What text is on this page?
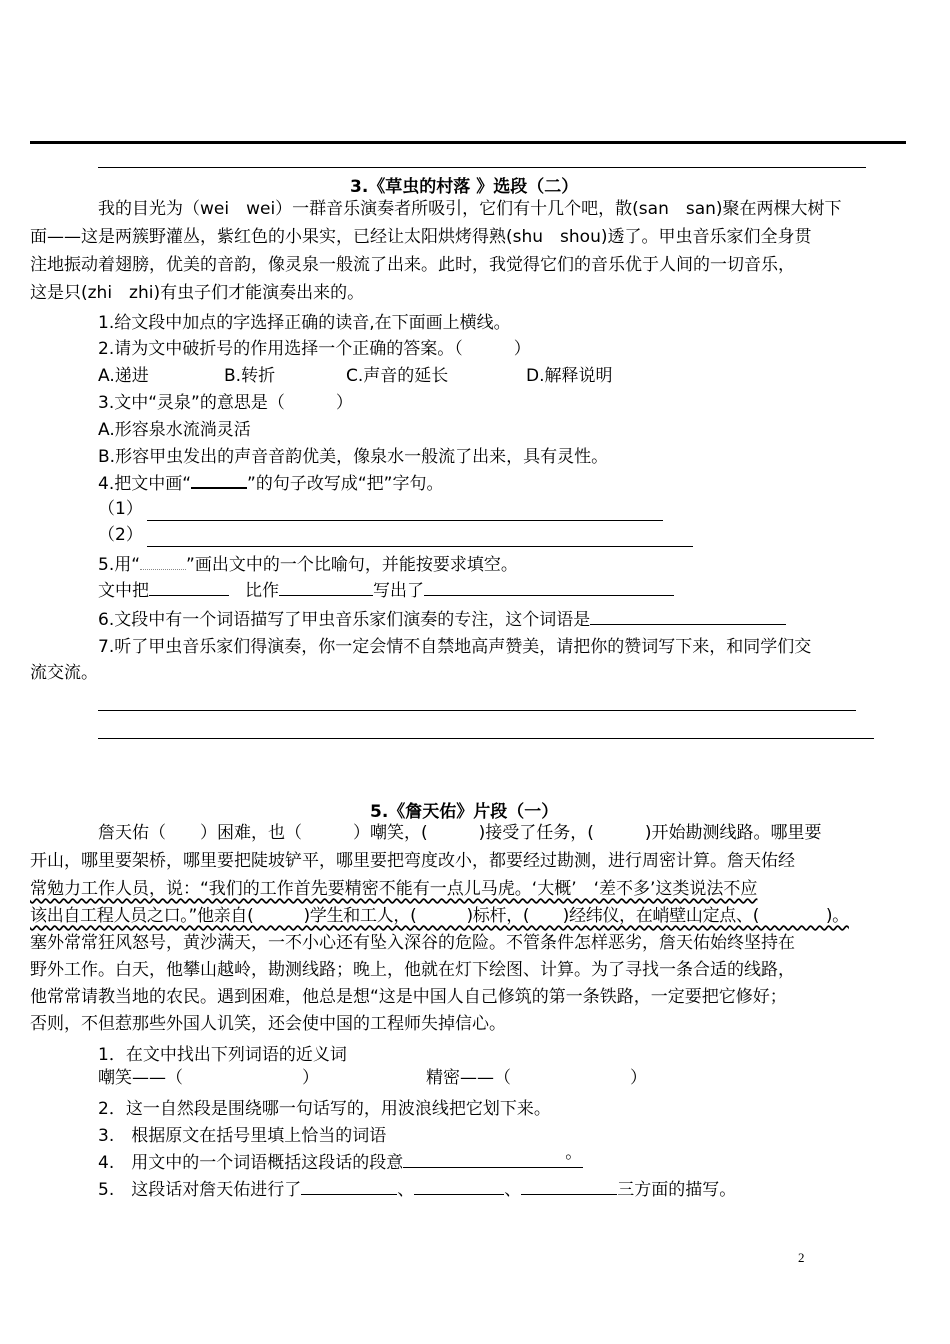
3.《草虫的村落 》选段（二）
我的目光为（wei　wei）一群音乐演奏者所吸引，它们有十几个吧，散(san　san)聚在两棵大树下
面——这是两簇野灌丛，紫红色的小果实，已经让太阳烘烤得熟(shu　shou)透了。甲虫音乐家们全身贯
注地振动着翅膀，优美的音韵，像灵泉一般流了出来。此时，我觉得它们的音乐优于人间的一切音乐，
这是只(zhi　zhi)有虫子们才能演奏出来的。
1.给文段中加点的字选择正确的读音,在下面画上横线。
2.请为文中破折号的作用选择一个正确的答案。（　　　）
A.递进	B.转折	C.声音的延长	D.解释说明
3.文中“灵泉”的意思是（　　　）
A.形容泉水流淌灵活
B.形容甲虫发出的声音音韵优美，像泉水一般流了出来，具有灵性。
4.把文中画“	”的句子改写成“把”字句。
（1）
（2）
5.用“	”画出文中的一个比喻句，并能按要求填空。
文中把	比作	写出了
6.文段中有一个词语描写了甲虫音乐家们演奏的专注，这个词语是
7.听了甲虫音乐家们得演奏，你一定会情不自禁地高声赞美，请把你的赞词写下来，和同学们交
流交流。
5.《詹天佑》片段（一）
詹天佑（　　）困难，也（　　　）嘲笑，(　　　)接受了任务，(　　　)开始勘测线路。哪里要
开山，哪里要架桥，哪里要把陡坡铲平，哪里要把弯度改小，都要经过勘测，进行周密计算。詹天佑经
常勉力工作人员，说：“我们的工作首先要精密不能有一点儿马虎。‘大概’　‘差不多’这类说法不应
该出自工程人员之口。”他亲自(　　　)学生和工人，(　　　)标杆，(　　)经纬仪，在峭壁山定点、(　　　　)。
塞外常常狂风怒号，黄沙满天，一不小心还有坠入深谷的危险。不管条件怎样恶劣，詹天佑始终坚持在
野外工作。白天，他攀山越岭，勘测线路；晚上，他就在灯下绘图、计算。为了寻找一条合适的线路，
他常常请教当地的农民。遇到困难，他总是想“这是中国人自己修筑的第一条铁路，一定要把它修好；
否则，不但惹那些外国人讥笑，还会使中国的工程师失掉信心。
1．在文中找出下列词语的近义词
嘲笑——（　　　　　　　）	精密——（　　　　　　　）
2．这一自然段是围绕哪一句话写的，用波浪线把它划下来。
3.　根据原文在括号里填上恰当的词语
4.　用文中的一个词语概括这段话的段意	。
5.　这段话对詹天佑进行了	、	、	三方面的描写。
2
